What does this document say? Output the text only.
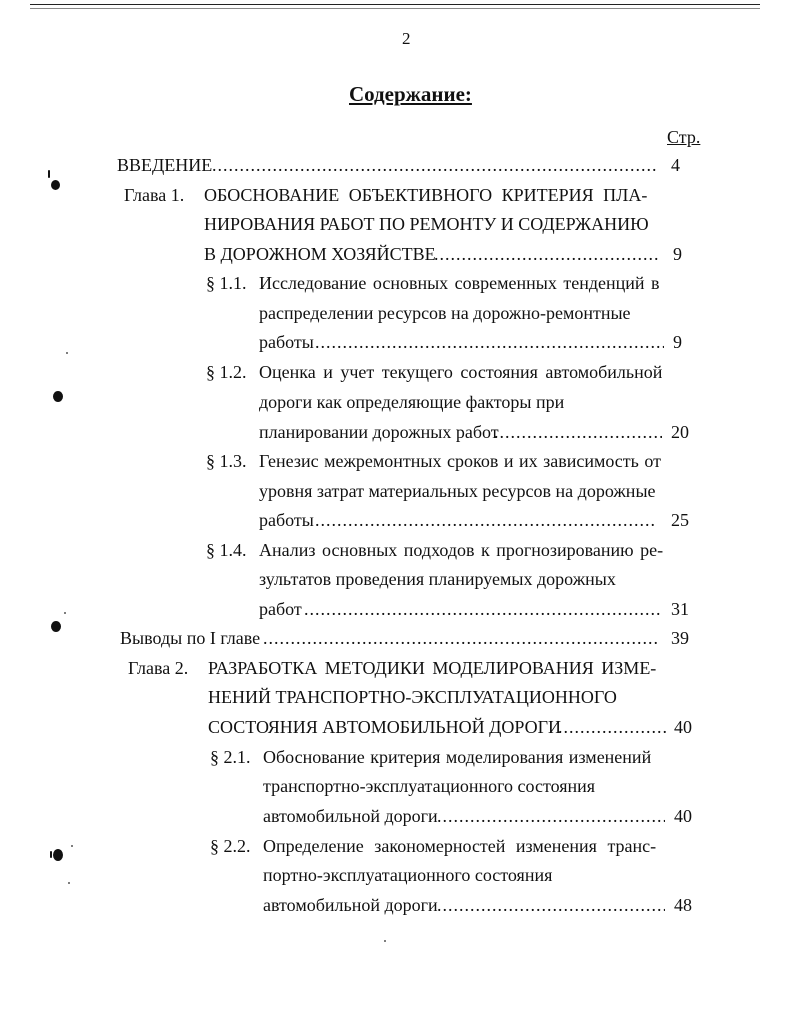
2
Содержание:
Стр.
ВВЕДЕНИЕ .....	4
Глава 1. ОБОСНОВАНИЕ ОБЪЕКТИВНОГО КРИТЕРИЯ ПЛА-
НИРОВАНИЯ РАБОТ ПО РЕМОНТУ И СОДЕРЖАНИЮ
В ДОРОЖНОМ ХОЗЯЙСТВЕ .....	9
§ 1.1. Исследование основных современных тенденций в
распределении ресурсов на дорожно-ремонтные
работы .....	9
§ 1.2. Оценка и учет текущего состояния автомобильной
дороги как определяющие факторы при
планировании дорожных работ .....	20
§ 1.3. Генезис межремонтных сроков и их зависимость от
уровня затрат материальных ресурсов на дорожные
работы .....	25
§ 1.4. Анализ основных подходов к прогнозированию ре-
зультатов проведения планируемых дорожных
работ .....	31
Выводы по I главе .....	39
Глава 2. РАЗРАБОТКА МЕТОДИКИ МОДЕЛИРОВАНИЯ ИЗМЕ-
НЕНИЙ ТРАНСПОРТНО-ЭКСПЛУАТАЦИОННОГО
СОСТОЯНИЯ АВТОМОБИЛЬНОЙ ДОРОГИ .....	40
§ 2.1. Обоснование критерия моделирования изменений
транспортно-эксплуатационного состояния
автомобильной дороги .....	40
§ 2.2. Определение закономерностей изменения транс-
портно-эксплуатационного состояния
автомобильной дороги .....	48
